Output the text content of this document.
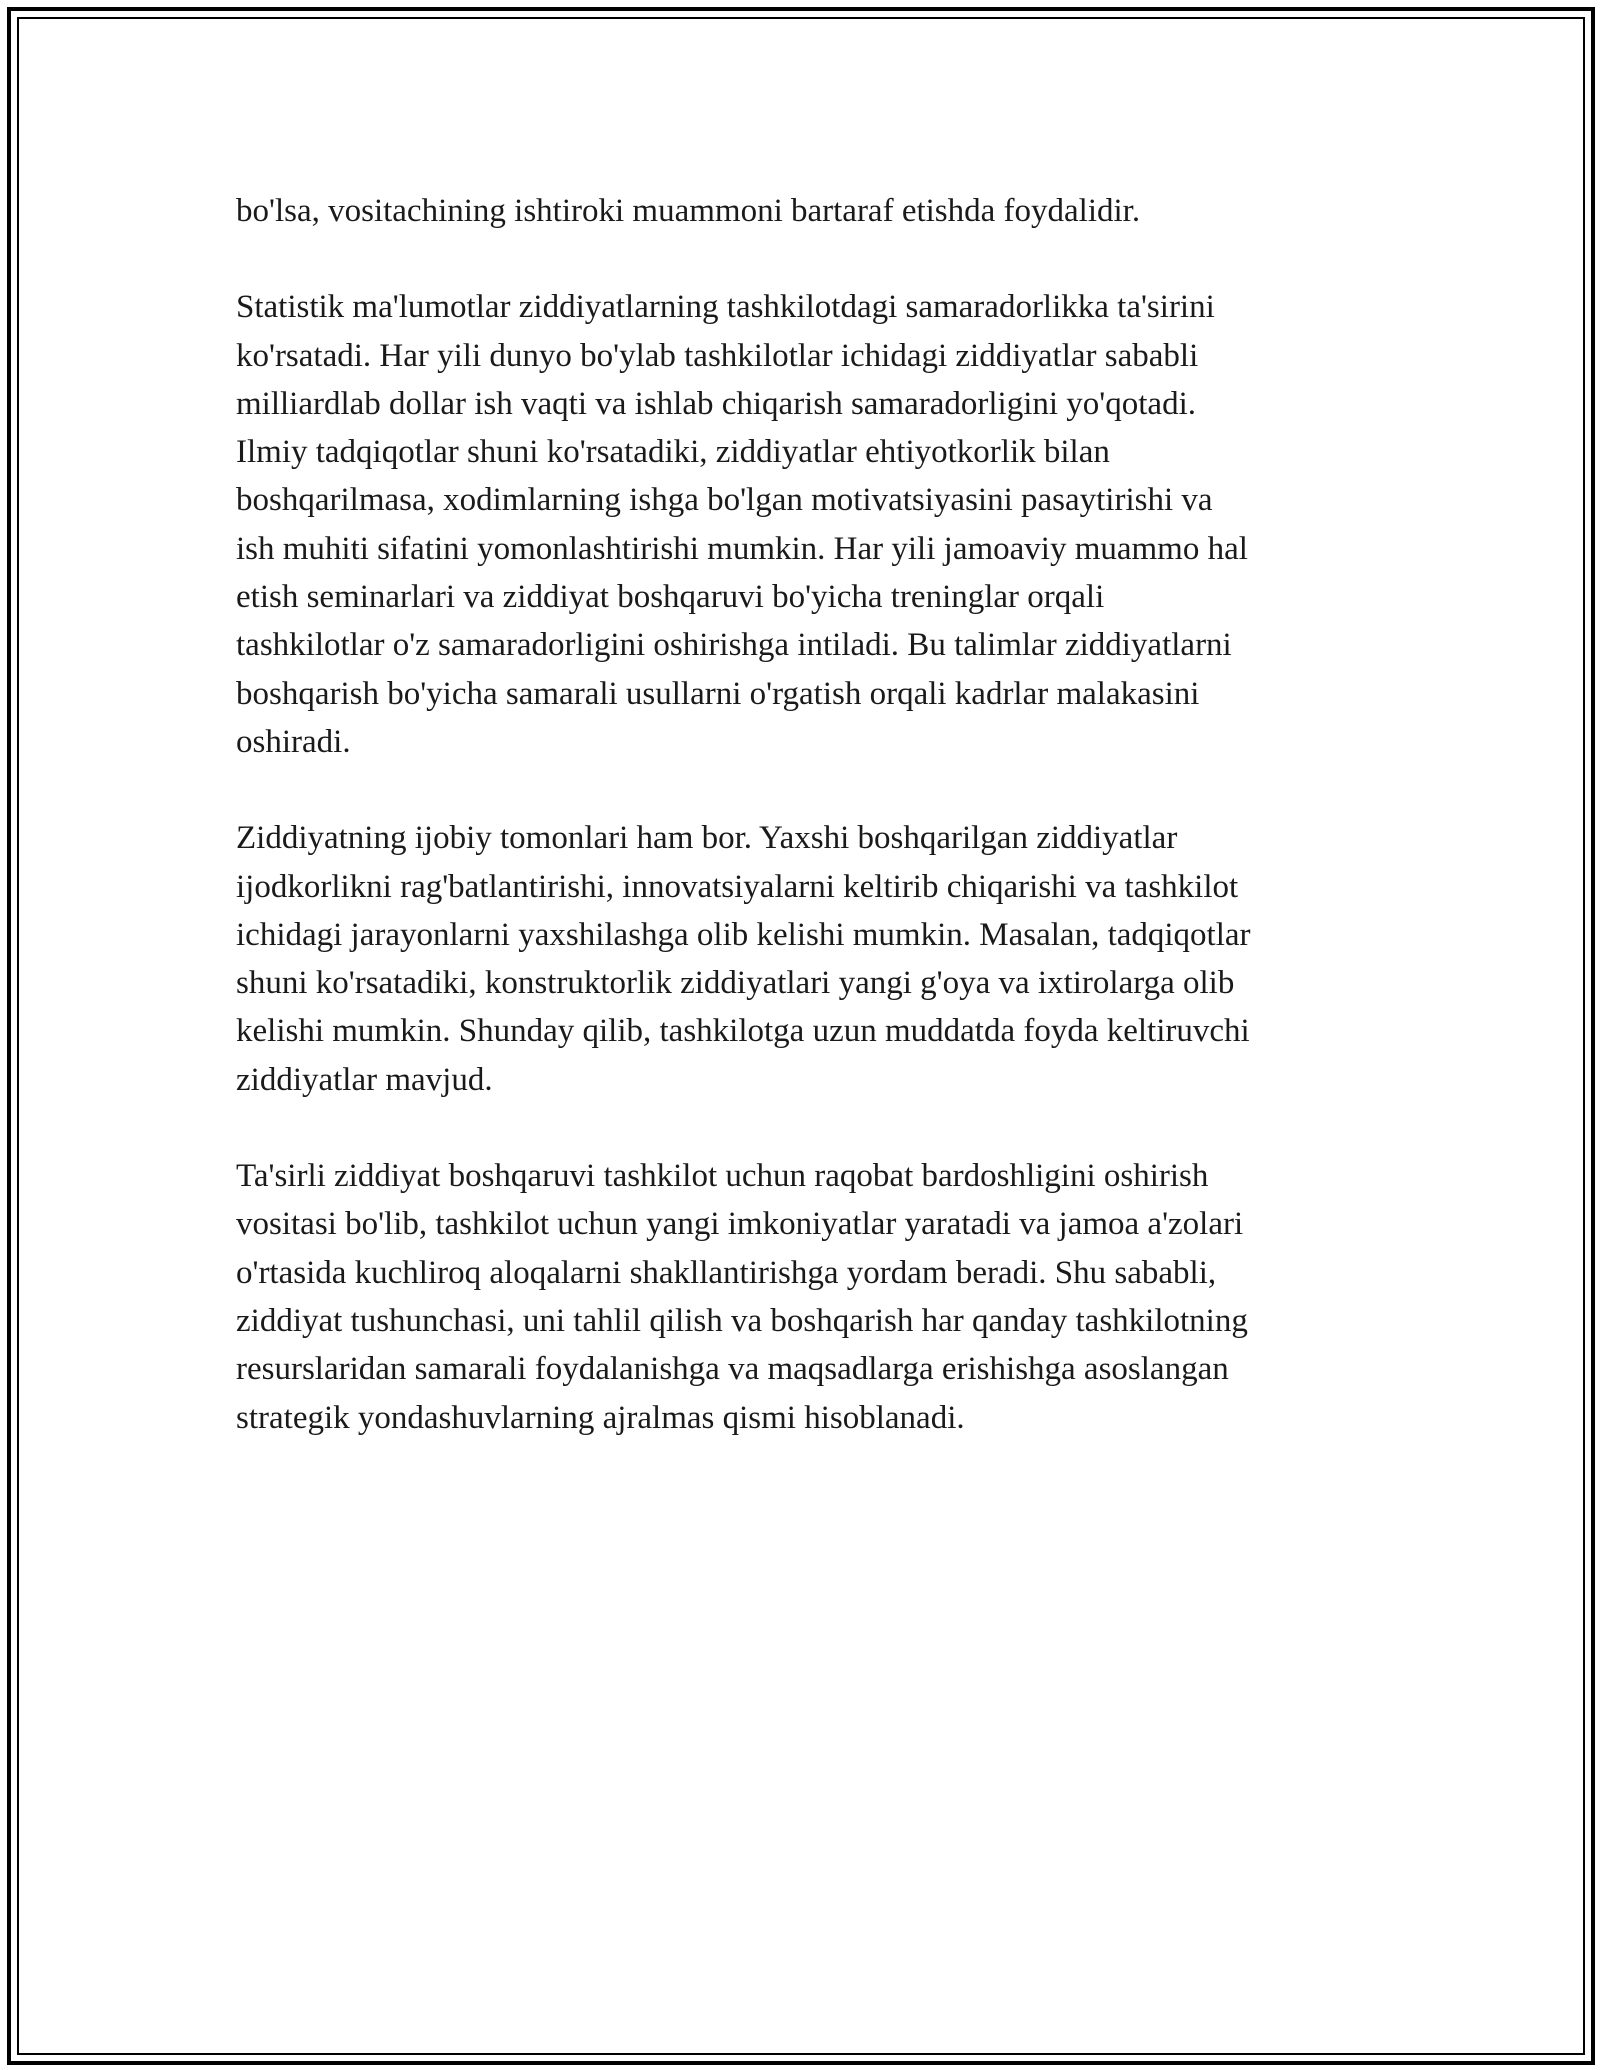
bo'lsa, vositachining ishtiroki muammoni bartaraf etishda foydalidir.

Statistik ma'lumotlar ziddiyatlarning tashkilotdagi samaradorlikka ta'sirini
ko'rsatadi. Har yili dunyo bo'ylab tashkilotlar ichidagi ziddiyatlar sababli
milliardlab dollar ish vaqti va ishlab chiqarish samaradorligini yo'qotadi.
Ilmiy tadqiqotlar shuni ko'rsatadiki, ziddiyatlar ehtiyotkorlik bilan
boshqarilmasa, xodimlarning ishga bo'lgan motivatsiyasini pasaytirishi va
ish muhiti sifatini yomonlashtirishi mumkin. Har yili jamoaviy muammo hal
etish seminarlari va ziddiyat boshqaruvi bo'yicha treninglar orqali
tashkilotlar o'z samaradorligini oshirishga intiladi. Bu talimlar ziddiyatlarni
boshqarish bo'yicha samarali usullarni o'rgatish orqali kadrlar malakasini
oshiradi.

Ziddiyatning ijobiy tomonlari ham bor. Yaxshi boshqarilgan ziddiyatlar
ijodkorlikni rag'batlantirishi, innovatsiyalarni keltirib chiqarishi va tashkilot
ichidagi jarayonlarni yaxshilashga olib kelishi mumkin. Masalan, tadqiqotlar
shuni ko'rsatadiki, konstruktorlik ziddiyatlari yangi g'oya va ixtirolarga olib
kelishi mumkin. Shunday qilib, tashkilotga uzun muddatda foyda keltiruvchi
ziddiyatlar mavjud.

Ta'sirli ziddiyat boshqaruvi tashkilot uchun raqobat bardoshligini oshirish
vositasi bo'lib, tashkilot uchun yangi imkoniyatlar yaratadi va jamoa a'zolari
o'rtasida kuchliroq aloqalarni shakllantirishga yordam beradi. Shu sababli,
ziddiyat tushunchasi, uni tahlil qilish va boshqarish har qanday tashkilotning
resurslaridan samarali foydalanishga va maqsadlarga erishishga asoslangan
strategik yondashuvlarning ajralmas qismi hisoblanadi.
